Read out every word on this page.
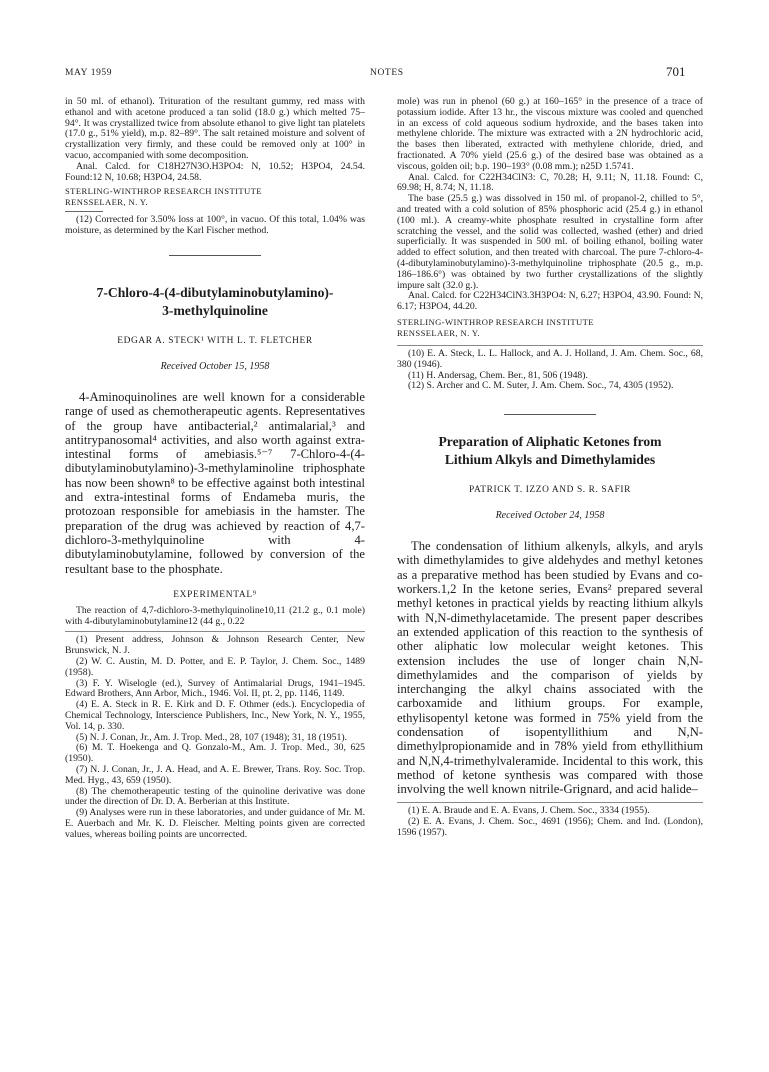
MAY 1959	NOTES	701

in 50 ml. of ethanol). Trituration of the resultant gummy, red mass with ethanol and with acetone produced a tan solid (18.0 g.) which melted 75–94°. It was crystallized twice from absolute ethanol to give light tan platelets (17.0 g., 51% yield), m.p. 82–89°. The salt retained moisture and solvent of crystallization very firmly, and these could be removed only at 100° in vacuo, accompanied with some decomposition.

Anal. Calcd. for C18H27N3O.H3PO4: N, 10.52; H3PO4, 24.54. Found:12 N, 10.68; H3PO4, 24.58.

STERLING-WINTHROP RESEARCH INSTITUTE

RENSSELAER, N. Y.

(12) Corrected for 3.50% loss at 100°, in vacuo. Of this total, 1.04% was moisture, as determined by the Karl Fischer method.

7-Chloro-4-(4-dibutylaminobutylamino)-

3-methylquinoline

EDGAR A. STECK¹ WITH L. T. FLETCHER

Received October 15, 1958

4-Aminoquinolines are well known for a considerable range of used as chemotherapeutic agents. Representatives of the group have antibacterial,² antimalarial,³ and antitrypanosomal⁴ activities, and also worth against extra-intestinal forms of amebiasis.⁵⁻⁷ 7-Chloro-4-(4-dibutylaminobutylamino)-3-methylaminoline triphosphate has now been shown⁸ to be effective against both intestinal and extra-intestinal forms of Endameba muris, the protozoan responsible for amebiasis in the hamster. The preparation of the drug was achieved by reaction of 4,7-dichloro-3-methylquinoline with 4-dibutylaminobutylamine, followed by conversion of the resultant base to the phosphate.

EXPERIMENTAL⁹

The reaction of 4,7-dichloro-3-methylquinoline10,11 (21.2 g., 0.1 mole) with 4-dibutylaminobutylamine12 (44 g., 0.22

(1) Present address, Johnson & Johnson Research Center, New Brunswick, N. J.

(2) W. C. Austin, M. D. Potter, and E. P. Taylor, J. Chem. Soc., 1489 (1958).

(3) F. Y. Wiselogle (ed.), Survey of Antimalarial Drugs, 1941–1945. Edward Brothers, Ann Arbor, Mich., 1946. Vol. II, pt. 2, pp. 1146, 1149.

(4) E. A. Steck in R. E. Kirk and D. F. Othmer (eds.). Encyclopedia of Chemical Technology, Interscience Publishers, Inc., New York, N. Y., 1955, Vol. 14, p. 330.

(5) N. J. Conan, Jr., Am. J. Trop. Med., 28, 107 (1948); 31, 18 (1951).

(6) M. T. Hoekenga and Q. Gonzalo-M., Am. J. Trop. Med., 30, 625 (1950).

(7) N. J. Conan, Jr., J. A. Head, and A. E. Brewer, Trans. Roy. Soc. Trop. Med. Hyg., 43, 659 (1950).

(8) The chemotherapeutic testing of the quinoline derivative was done under the direction of Dr. D. A. Berberian at this Institute.

(9) Analyses were run in these laboratories, and under guidance of Mr. M. E. Auerbach and Mr. K. D. Fleischer. Melting points given are corrected values, whereas boiling points are uncorrected.

mole) was run in phenol (60 g.) at 160–165° in the presence of a trace of potassium iodide. After 13 hr., the viscous mixture was cooled and quenched in an excess of cold aqueous sodium hydroxide, and the bases taken into methylene chloride. The mixture was extracted with a 2N hydrochloric acid, the bases then liberated, extracted with methylene chloride, dried, and fractionated. A 70% yield (25.6 g.) of the desired base was obtained as a viscous, golden oil; b.p. 190–193° (0.08 mm.); n25D 1.5741.

Anal. Calcd. for C22H34ClN3: C, 70.28; H, 9.11; N, 11.18. Found: C, 69.98; H, 8.74; N, 11.18.

The base (25.5 g.) was dissolved in 150 ml. of propanol-2, chilled to 5°, and treated with a cold solution of 85% phosphoric acid (25.4 g.) in ethanol (100 ml.). A creamy-white phosphate resulted in crystalline form after scratching the vessel, and the solid was collected, washed (ether) and dried superficially. It was suspended in 500 ml. of boiling ethanol, boiling water added to effect solution, and then treated with charcoal. The pure 7-chloro-4-(4-dibutylaminobutylamino)-3-methylquinoline triphosphate (20.5 g., m.p. 186–186.6°) was obtained by two further crystallizations of the slightly impure salt (32.0 g.).

Anal. Calcd. for C22H34ClN3.3H3PO4: N, 6.27; H3PO4, 43.90. Found: N, 6.17; H3PO4, 44.20.

STERLING-WINTHROP RESEARCH INSTITUTE

RENSSELAER, N. Y.

(10) E. A. Steck, L. L. Hallock, and A. J. Holland, J. Am. Chem. Soc., 68, 380 (1946).

(11) H. Andersag, Chem. Ber., 81, 506 (1948).

(12) S. Archer and C. M. Suter, J. Am. Chem. Soc., 74, 4305 (1952).

Preparation of Aliphatic Ketones from

Lithium Alkyls and Dimethylamides

PATRICK T. IZZO AND S. R. SAFIR

Received October 24, 1958

The condensation of lithium alkenyls, alkyls, and aryls with dimethylamides to give aldehydes and methyl ketones as a preparative method has been studied by Evans and co-workers.1,2 In the ketone series, Evans² prepared several methyl ketones in practical yields by reacting lithium alkyls with N,N-dimethylacetamide. The present paper describes an extended application of this reaction to the synthesis of other aliphatic low molecular weight ketones. This extension includes the use of longer chain N,N-dimethylamides and the comparison of yields by interchanging the alkyl chains associated with the carboxamide and lithium groups. For example, ethylisopentyl ketone was formed in 75% yield from the condensation of isopentyllithium and N,N-dimethylpropionamide and in 78% yield from ethyllithium and N,N,4-trimethylvaleramide. Incidental to this work, this method of ketone synthesis was compared with those involving the well known nitrile-Grignard, and acid halide–

(1) E. A. Braude and E. A. Evans, J. Chem. Soc., 3334 (1955).

(2) E. A. Evans, J. Chem. Soc., 4691 (1956); Chem. and Ind. (London), 1596 (1957).
